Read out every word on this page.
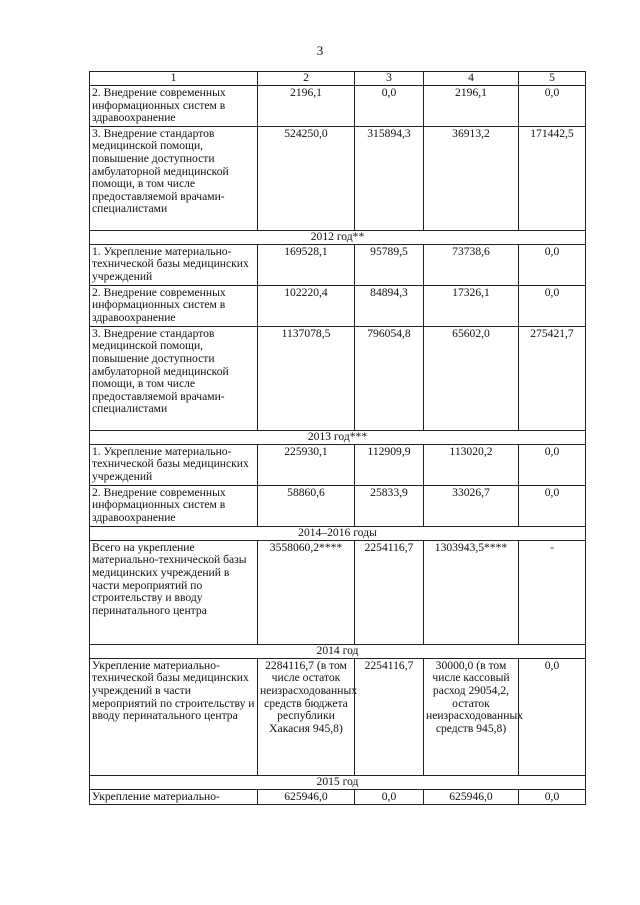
3
1	2	3	4	5
2. Внедрение современных информационных систем в здравоохранение	2196,1	0,0	2196,1	0,0
3. Внедрение стандартов медицинской помощи, повышение доступности амбулаторной медицинской помощи, в том числе предоставляемой врачами-специалистами	524250,0	315894,3	36913,2	171442,5
2012 год**				
1. Укрепление материально-технической базы медицинских учреждений	169528,1	95789,5	73738,6	0,0
2. Внедрение современных информационных систем в здравоохранение	102220,4	84894,3	17326,1	0,0
3. Внедрение стандартов медицинской помощи, повышение доступности амбулаторной медицинской помощи, в том числе предоставляемой врачами-специалистами	1137078,5	796054,8	65602,0	275421,7
2013 год***				
1. Укрепление материально-технической базы медицинских учреждений	225930,1	112909,9	113020,2	0,0
2. Внедрение современных информационных систем в здравоохранение	58860,6	25833,9	33026,7	0,0
2014–2016 годы				
Всего на укрепление материально-технической базы медицинских учреждений в части мероприятий по строительству и вводу перинатального центра	3558060,2****	2254116,7	1303943,5****	-
2014 год				
Укрепление материально-технической базы медицинских учреждений в части мероприятий по строительству и вводу перинатального центра	2284116,7 (в том числе остаток неизрасходованных средств бюджета республики Хакасия 945,8)	2254116,7	30000,0 (в том числе кассовый расход 29054,2, остаток неизрасходованных средств 945,8)	0,0
2015 год				
Укрепление материально-	625946,0	0,0	625946,0	0,0
